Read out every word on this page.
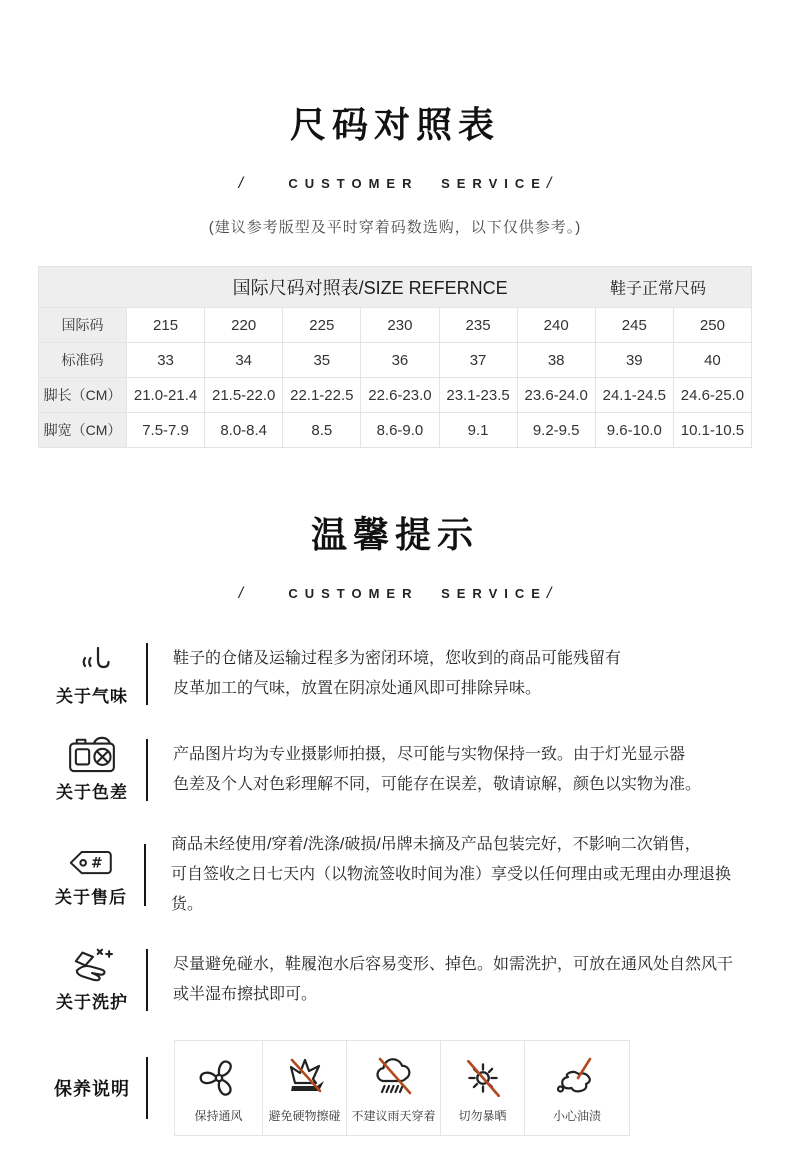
尺码对照表
/	CUSTOMER SERVICE/

(建议参考版型及平时穿着码数选购，以下仅供参考。)

国际尺码对照表/SIZE REFERNCE 鞋子正常尺码								

国际码	215	220	225	230	235	240	245	250
标准码	33	34	35	36	37	38	39	40
脚长（CM）	21.0-21.4	21.5-22.0	22.1-22.5	22.6-23.0	23.1-23.5	23.6-24.0	24.1-24.5	24.6-25.0
脚宽（CM）	7.5-7.9	8.0-8.4	8.5	8.6-9.0	9.1	9.2-9.5	9.6-10.0	10.1-10.5
温馨提示
/	CUSTOMER SERVICE/
关于气味
鞋子的仓储及运输过程多为密闭环境，您收到的商品可能残留有
皮革加工的气味，放置在阴凉处通风即可排除异味。
关于色差
产品图片均为专业摄影师拍摄，尽可能与实物保持一致。由于灯光显示器
色差及个人对色彩理解不同，可能存在误差，敬请谅解，颜色以实物为准。
#
关于售后
商品未经使用/穿着/洗涤/破损/吊牌未摘及产品包装完好，不影响二次销售，
可自签收之日七天内（以物流签收时间为准）享受以任何理由或无理由办理退换货。
关于洗护
尽量避免碰水，鞋履泡水后容易变形、掉色。如需洗护，可放在通风处自然风干
或半湿布擦拭即可。
保养说明
保持通风 避免硬物擦碰 不建议雨天穿着 切勿暴晒	小心油渍
